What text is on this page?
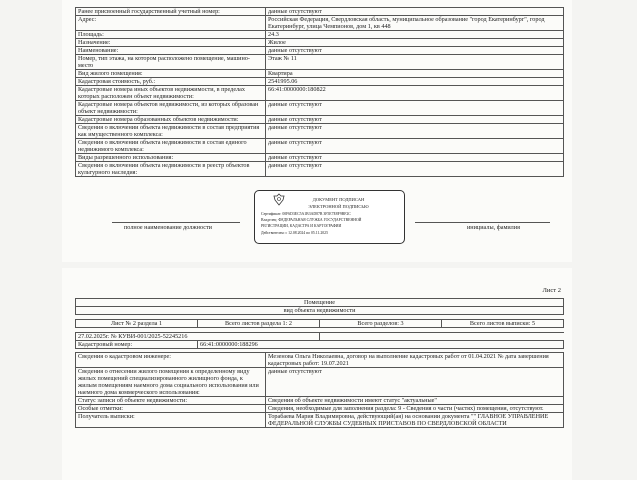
Ранее присвоенный государственный учетный номер:	данные отсутствуют
Адрес:	Российская Федерация, Свердловская область, муниципальное образование "город Екатеринбург", город Екатеринбург, улица Чемпионов, дом 1, кв 448
Площадь:	24.3
Назначение:	Жилое
Наименование:	данные отсутствуют
Номер, тип этажа, на котором расположено помещение, машино-место	Этаж № 11
Вид жилого помещения:	Квартира
Кадастровая стоимость, руб.:	2541995.06
Кадастровые номера иных объектов недвижимости, в пределах которых расположен объект недвижимости:	66:41:0000000:180822
Кадастровые номера объектов недвижимости, из которых образован объект недвижимости:	данные отсутствуют
Кадастровые номера образованных объектов недвижимости:	данные отсутствуют
Сведения о включении объекта недвижимости в состав предприятия как имущественного комплекса:	данные отсутствуют
Сведения о включении объекта недвижимости в состав единого недвижимого комплекса:	данные отсутствуют
Виды разрешенного использования:	данные отсутствуют
Сведения о включении объекта недвижимости в реестр объектов культурного наследия:	данные отсутствуют
полное наименование должности	инициалы, фамилия
ДОКУМЕНТ ПОДПИСАН
ЭЛЕКТРОННОЙ ПОДПИСЬЮ
Сертификат: 00F6D3EC5A1B3AD87B 3F5E7E8F9BF2C
Владелец: ФЕДЕРАЛЬНАЯ СЛУЖБА ГОСУДАРСТВЕННОЙ
РЕГИСТРАЦИИ, КАДАСТРА И КАРТОГРАФИИ
Действителен: с 12.08.2024 по 05.11.2025
Лист 2
Помещение			
вид объекта недвижимости			

Лист № 2 раздела 1	Всего листов раздела 1: 2	Всего разделов: 3	Всего листов выписки: 5

27.02.2025г. № КУВИ-001/2025-52245216			
Кадастровый номер:	66:41:0000000:188296		
Сведения о кадастровом инженере:	Мезенова Ольга Николаевна, договор на выполнение кадастровых работ от 01.04.2021 № дата завершения кадастровых работ: 19.07.2021
Сведения о отнесении жилого помещения к определенному виду жилых помещений специализированного жилищного фонда, к жилым помещениям наемного дома социального использования или наемного дома коммерческого использования:	данные отсутствуют
Статус записи об объекте недвижимости:	Сведения об объекте недвижимости имеют статус "актуальные"
Особые отметки:	Сведения, необходимые для заполнения раздела: 9 - Сведения о части (частях) помещения, отсутствуют.
Получатель выписки:	Торабаева Мария Владимировна, действующий(ая) на основании документа "" ГЛАВНОЕ УПРАВЛЕНИЕ ФЕДЕРАЛЬНОЙ СЛУЖБЫ СУДЕБНЫХ ПРИСТАВОВ ПО СВЕРДЛОВСКОЙ ОБЛАСТИ
